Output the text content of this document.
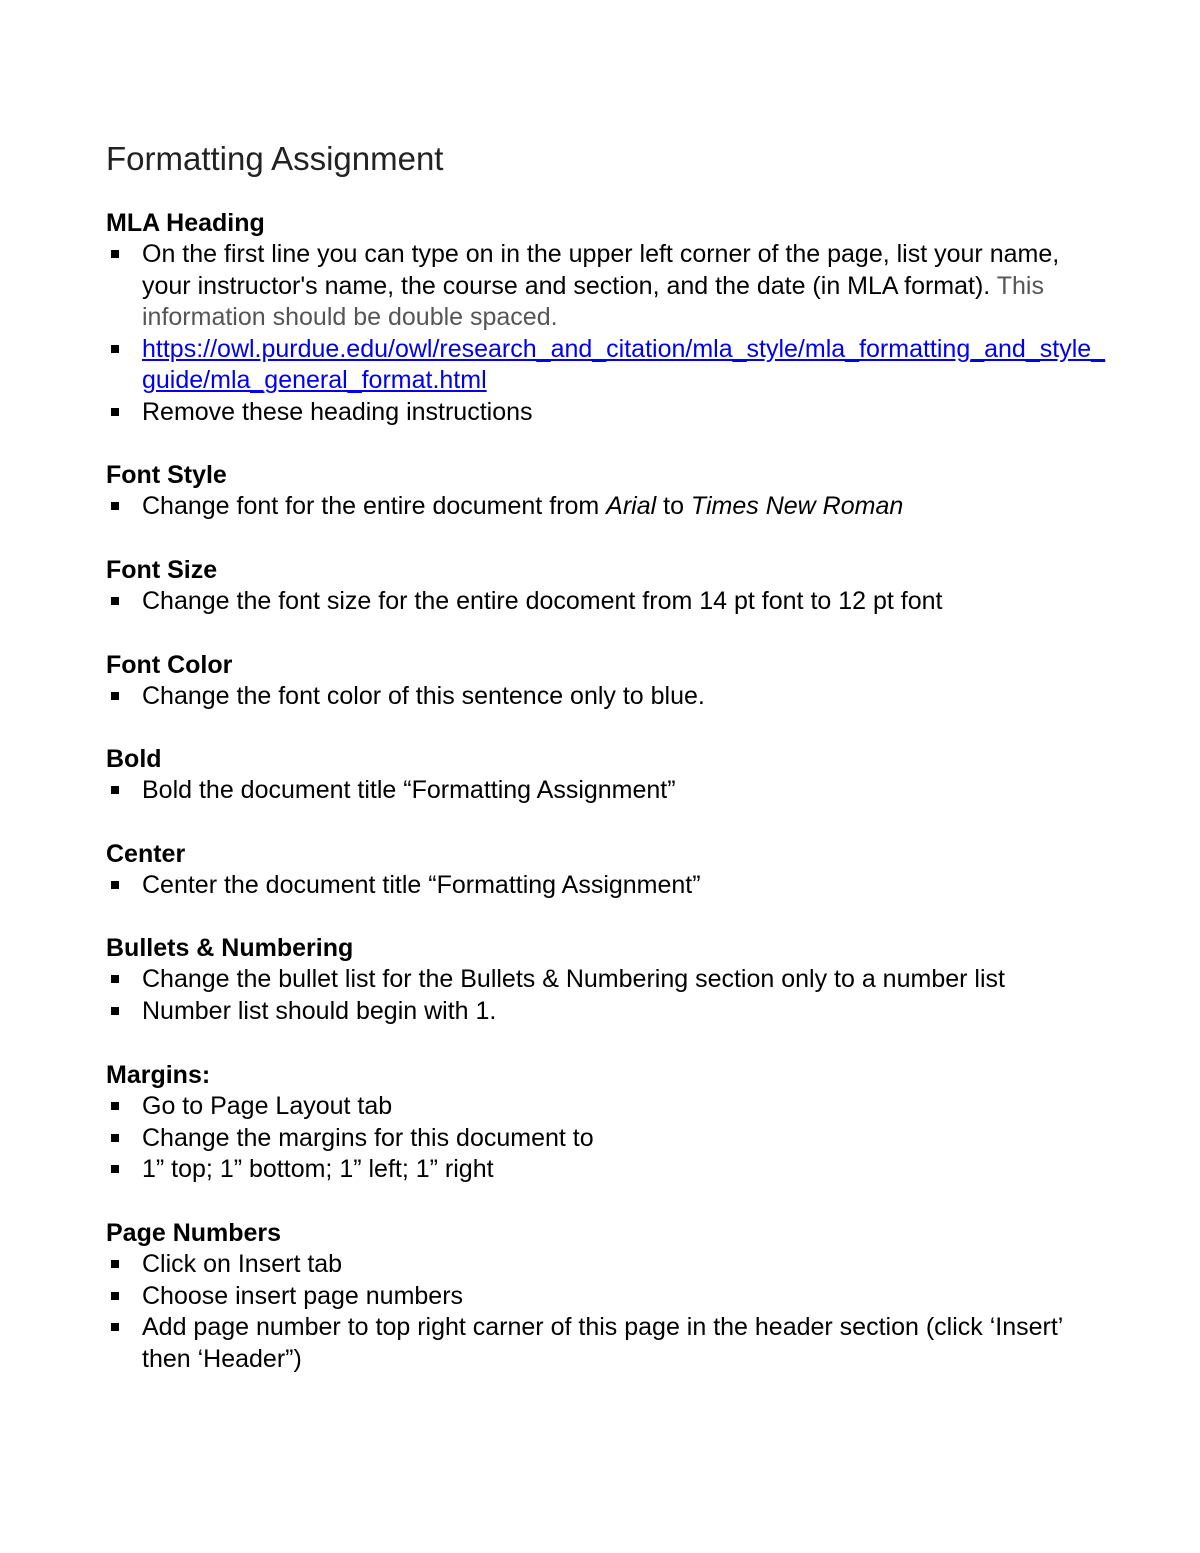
Formatting Assignment
MLA Heading
On the first line you can type on in the upper left corner of the page, list your name, your instructor's name, the course and section, and the date (in MLA format). This information should be double spaced.
https://owl.purdue.edu/owl/research_and_citation/mla_style/mla_formatting_and_style_guide/mla_general_format.html
Remove these heading instructions
Font Style
Change font for the entire document from Arial to Times New Roman
Font Size
Change the font size for the entire docoment from 14 pt font to 12 pt font
Font Color
Change the font color of this sentence only to blue.
Bold
Bold the document title “Formatting Assignment”
Center
Center the document title “Formatting Assignment”
Bullets & Numbering
Change the bullet list for the Bullets & Numbering section only to a number list
Number list should begin with 1.
Margins:
Go to Page Layout tab
Change the margins for this document to
1” top; 1” bottom; 1” left; 1” right
Page Numbers
Click on Insert tab
Choose insert page numbers
Add page number to top right carner of this page in the header section (click ‘Insert’ then ‘Header”)
